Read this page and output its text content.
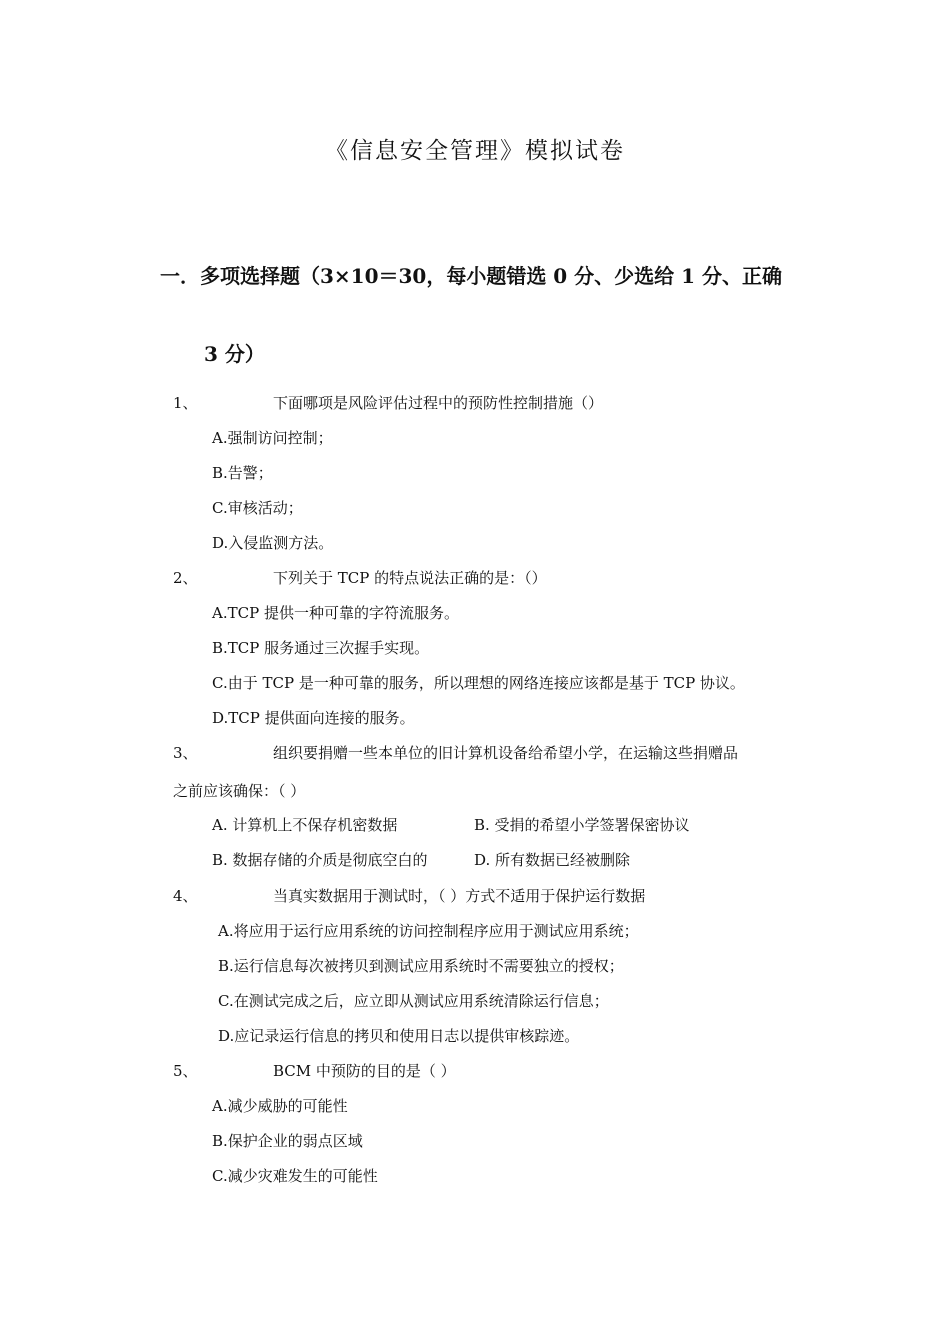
《信息安全管理》模拟试卷
一．多项选择题（3×10＝30，每小题错选 0 分、少选给 1 分、正确
3 分）
1、	下面哪项是风险评估过程中的预防性控制措施（）
A.强制访问控制；
B.告警；
C.审核活动；
D.入侵监测方法。
2、	下列关于 TCP 的特点说法正确的是：（）
A.TCP 提供一种可靠的字符流服务。
B.TCP 服务通过三次握手实现。
C.由于 TCP 是一种可靠的服务，所以理想的网络连接应该都是基于 TCP 协议。
D.TCP 提供面向连接的服务。
3、	组织要捐赠一些本单位的旧计算机设备给希望小学，在运输这些捐赠品
之前应该确保：（ ）
A. 计算机上不保存机密数据	B. 受捐的希望小学签署保密协议
B. 数据存储的介质是彻底空白的	D. 所有数据已经被删除
4、	当真实数据用于测试时，（ ）方式不适用于保护运行数据
A.将应用于运行应用系统的访问控制程序应用于测试应用系统；
B.运行信息每次被拷贝到测试应用系统时不需要独立的授权；
C.在测试完成之后，应立即从测试应用系统清除运行信息；
D.应记录运行信息的拷贝和使用日志以提供审核踪迹。
5、	BCM 中预防的目的是（ ）
A.减少威胁的可能性
B.保护企业的弱点区域
C.减少灾难发生的可能性
